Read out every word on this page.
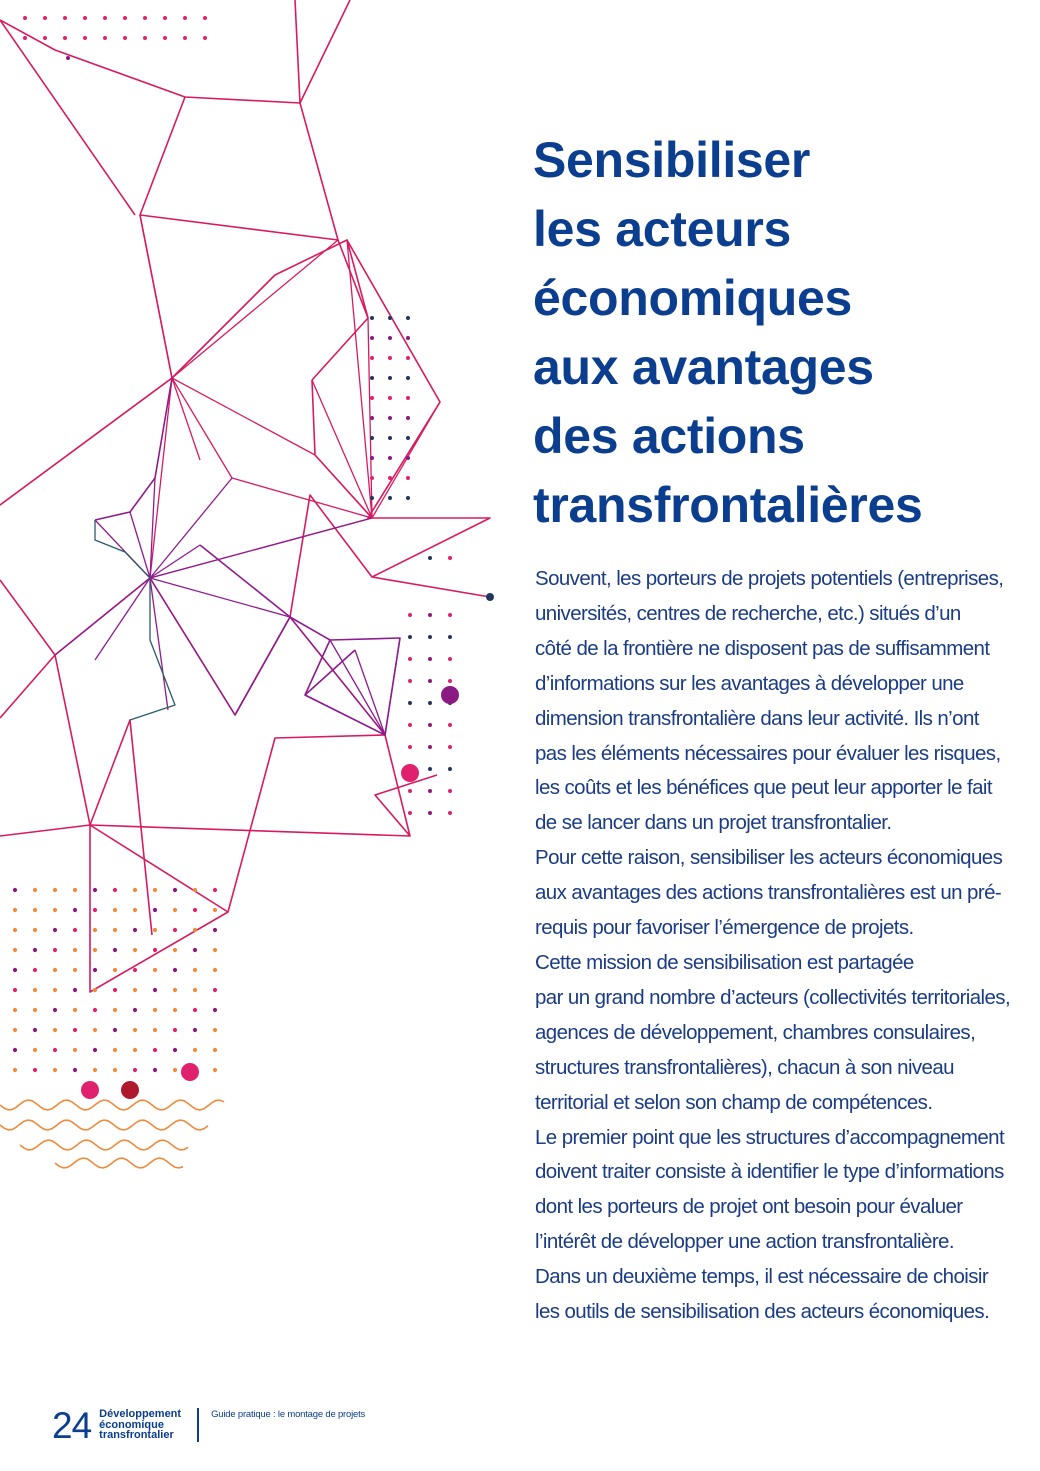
Sensibiliser
les acteurs
économiques
aux avantages
des actions
transfrontalières
Souvent, les porteurs de projets potentiels (entreprises,
universités, centres de recherche, etc.) situés d’un
côté de la frontière ne disposent pas de suffisamment
d’informations sur les avantages à développer une
dimension transfrontalière dans leur activité. Ils n’ont
pas les éléments nécessaires pour évaluer les risques,
les coûts et les bénéfices que peut leur apporter le fait
de se lancer dans un projet transfrontalier.
Pour cette raison, sensibiliser les acteurs économiques
aux avantages des actions transfrontalières est un pré-
requis pour favoriser l’émergence de projets.
Cette mission de sensibilisation est partagée
par un grand nombre d’acteurs (collectivités territoriales,
agences de développement, chambres consulaires,
structures transfrontalières), chacun à son niveau
territorial et selon son champ de compétences.
Le premier point que les structures d’accompagnement
doivent traiter consiste à identifier le type d’informations
dont les porteurs de projet ont besoin pour évaluer
l’intérêt de développer une action transfrontalière.
Dans un deuxième temps, il est nécessaire de choisir
les outils de sensibilisation des acteurs économiques.
24 Développement
économique
transfrontalier
Guide pratique : le montage de projets
